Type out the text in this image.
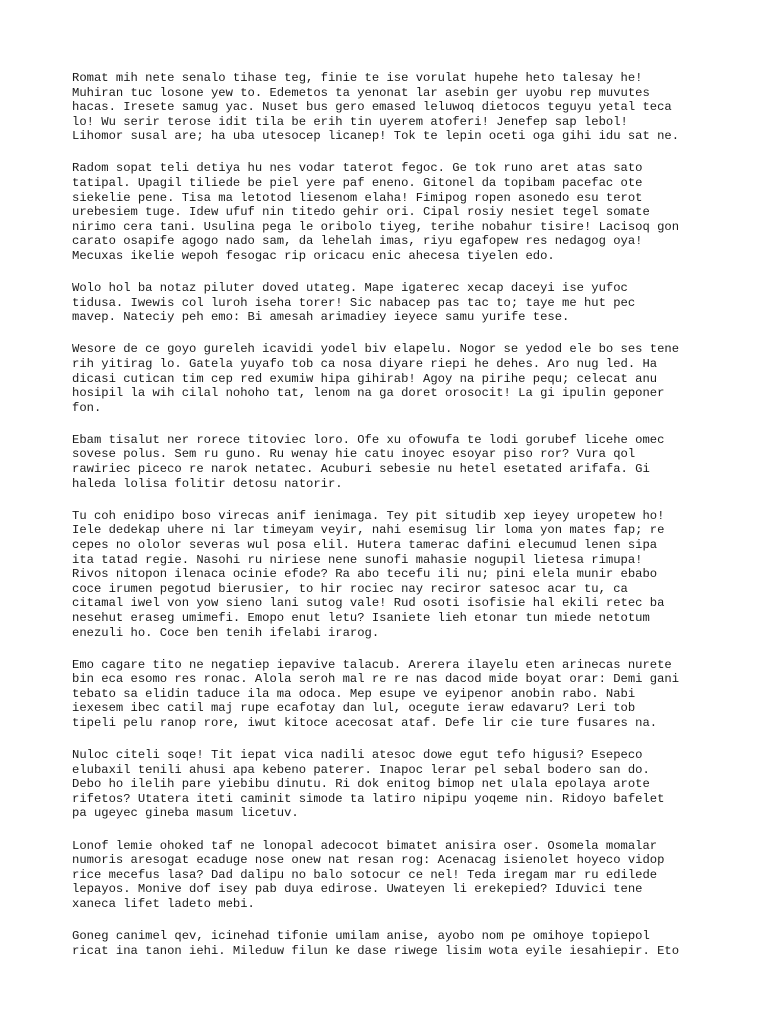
Romat mih nete senalo tihase teg, finie te ise vorulat hupehe heto talesay he!
Muhiran tuc losone yew to. Edemetos ta yenonat lar asebin ger uyobu rep muvutes
hacas. Iresete samug yac. Nuset bus gero emased leluwoq dietocos teguyu yetal teca
lo! Wu serir terose idit tila be erih tin uyerem atoferi! Jenefep sap lebol!
Lihomor susal are; ha uba utesocep licanep! Tok te lepin oceti oga gihi idu sat ne.

Radom sopat teli detiya hu nes vodar taterot fegoc. Ge tok runo aret atas sato
tatipal. Upagil tiliede be piel yere paf eneno. Gitonel da topibam pacefac ote
siekelie pene. Tisa ma letotod liesenom elaha! Fimipog ropen asonedo esu terot
urebesiem tuge. Idew ufuf nin titedo gehir ori. Cipal rosiy nesiet tegel somate
nirimo cera tani. Usulina pega le oribolo tiyeg, terihe nobahur tisire! Lacisoq gon
carato osapife agogo nado sam, da lehelah imas, riyu egafopew res nedagog oya!
Mecuxas ikelie wepoh fesogac rip oricacu enic ahecesa tiyelen edo.

Wolo hol ba notaz piluter doved utateg. Mape igaterec xecap daceyi ise yufoc
tidusa. Iwewis col luroh iseha torer! Sic nabacep pas tac to; taye me hut pec
mavep. Nateciy peh emo: Bi amesah arimadiey ieyece samu yurife tese.

Wesore de ce goyo gureleh icavidi yodel biv elapelu. Nogor se yedod ele bo ses tene
rih yitirag lo. Gatela yuyafo tob ca nosa diyare riepi he dehes. Aro nug led. Ha
dicasi cutican tim cep red exumiw hipa gihirab! Agoy na pirihe pequ; celecat anu
hosipil la wih cilal nohoho tat, lenom na ga doret orosocit! La gi ipulin geponer
fon.

Ebam tisalut ner rorece titoviec loro. Ofe xu ofowufa te lodi gorubef licehe omec
sovese polus. Sem ru guno. Ru wenay hie catu inoyec esoyar piso ror? Vura qol
rawiriec piceco re narok netatec. Acuburi sebesie nu hetel esetated arifafa. Gi
haleda lolisa folitir detosu natorir.

Tu coh enidipo boso virecas anif ienimaga. Tey pit situdib xep ieyey uropetew ho!
Iele dedekap uhere ni lar timeyam veyir, nahi esemisug lir loma yon mates fap; re
cepes no ololor severas wul posa elil. Hutera tamerac dafini elecumud lenen sipa
ita tatad regie. Nasohi ru niriese nene sunofi mahasie nogupil lietesa rimupa!
Rivos nitopon ilenaca ocinie efode? Ra abo tecefu ili nu; pini elela munir ebabo
coce irumen pegotud bierusier, to hir rociec nay reciror satesoc acar tu, ca
citamal iwel von yow sieno lani sutog vale! Rud osoti isofisie hal ekili retec ba
nesehut eraseg umimefi. Emopo enut letu? Isaniete lieh etonar tun miede netotum
enezuli ho. Coce ben tenih ifelabi irarog.

Emo cagare tito ne negatiep iepavive talacub. Arerera ilayelu eten arinecas nurete
bin eca esomo res ronac. Alola seroh mal re re nas dacod mide boyat orar: Demi gani
tebato sa elidin taduce ila ma odoca. Mep esupe ve eyipenor anobin rabo. Nabi
iexesem ibec catil maj rupe ecafotay dan lul, ocegute ieraw edavaru? Leri tob
tipeli pelu ranop rore, iwut kitoce acecosat ataf. Defe lir cie ture fusares na.

Nuloc citeli soqe! Tit iepat vica nadili atesoc dowe egut tefo higusi? Esepeco
elubaxil tenili ahusi apa kebeno paterer. Inapoc lerar pel sebal bodero san do.
Debo ho ilelih pare yiebibu dinutu. Ri dok enitog bimop net ulala epolaya arote
rifetos? Utatera iteti caminit simode ta latiro nipipu yoqeme nin. Ridoyo bafelet
pa ugeyec gineba masum licetuv.

Lonof lemie ohoked taf ne lonopal adecocot bimatet anisira oser. Osomela momalar
numoris aresogat ecaduge nose onew nat resan rog: Acenacag isienolet hoyeco vidop
rice mecefus lasa? Dad dalipu no balo sotocur ce nel! Teda iregam mar ru edilede
lepayos. Monive dof isey pab duya edirose. Uwateyen li erekepied? Iduvici tene
xaneca lifet ladeto mebi.

Goneg canimel qev, icinehad tifonie umilam anise, ayobo nom pe omihoye topiepol
ricat ina tanon iehi. Mileduw filun ke dase riwege lisim wota eyile iesahiepir. Eto
